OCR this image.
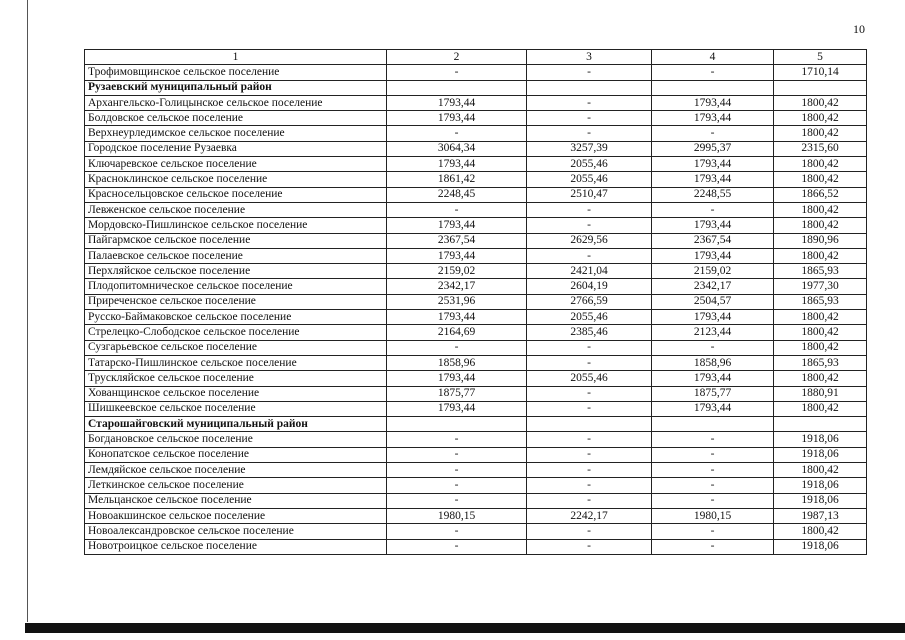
10
1	2	3	4	5
Трофимовщинское сельское поселение	-	-	-	1710,14
Рузаевский муниципальный район				
Архангельско-Голицынское сельское поселение	1793,44	-	1793,44	1800,42
Болдовское сельское поселение	1793,44	-	1793,44	1800,42
Верхнеурледимское сельское поселение	-	-	-	1800,42
Городское поселение Рузаевка	3064,34	3257,39	2995,37	2315,60
Ключаревское сельское поселение	1793,44	2055,46	1793,44	1800,42
Красноклинское сельское поселение	1861,42	2055,46	1793,44	1800,42
Красносельцовское сельское поселение	2248,45	2510,47	2248,55	1866,52
Левженское сельское поселение	-	-	-	1800,42
Мордовско-Пишлинское сельское поселение	1793,44	-	1793,44	1800,42
Пайгармское сельское поселение	2367,54	2629,56	2367,54	1890,96
Палаевское сельское поселение	1793,44	-	1793,44	1800,42
Перхляйское сельское поселение	2159,02	2421,04	2159,02	1865,93
Плодопитомническое сельское поселение	2342,17	2604,19	2342,17	1977,30
Приреченское сельское поселение	2531,96	2766,59	2504,57	1865,93
Русско-Баймаковское сельское поселение	1793,44	2055,46	1793,44	1800,42
Стрелецко-Слободское сельское поселение	2164,69	2385,46	2123,44	1800,42
Сузгарьевское сельское поселение	-	-	-	1800,42
Татарско-Пишлинское сельское поселение	1858,96	-	1858,96	1865,93
Трускляйское сельское поселение	1793,44	2055,46	1793,44	1800,42
Хованщинское сельское поселение	1875,77	-	1875,77	1880,91
Шишкеевское сельское поселение	1793,44	-	1793,44	1800,42
Старошайговский муниципальный район				
Богдановское сельское поселение	-	-	-	1918,06
Конопатское сельское поселение	-	-	-	1918,06
Лемдяйское сельское поселение	-	-	-	1800,42
Леткинское сельское поселение	-	-	-	1918,06
Мельцанское сельское поселение	-	-	-	1918,06
Новоакшинское сельское поселение	1980,15	2242,17	1980,15	1987,13
Новоалександровское сельское поселение	-	-	-	1800,42
Новотроицкое сельское поселение	-	-	-	1918,06
